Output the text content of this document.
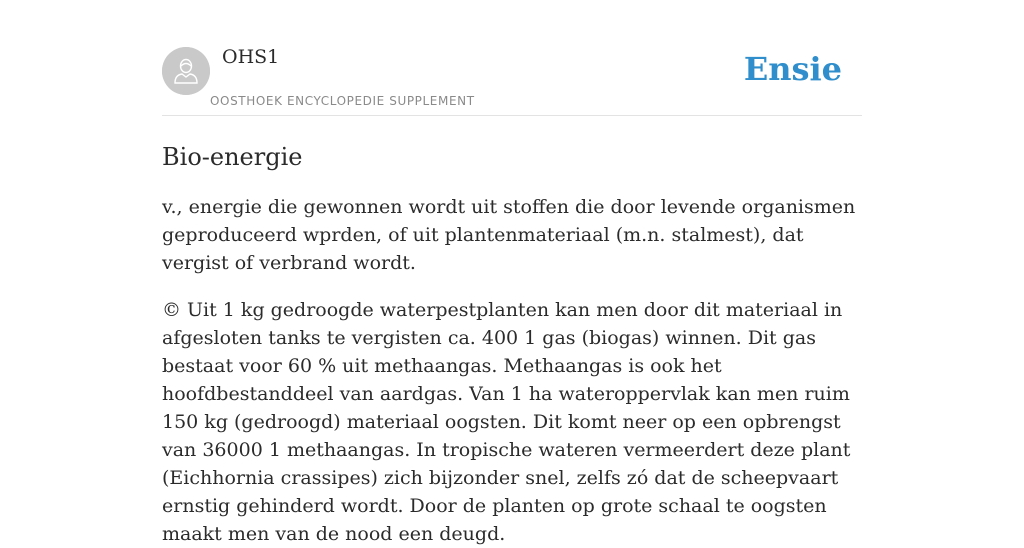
OHS1
OOSTHOEK ENCYCLOPEDIE SUPPLEMENT
Ensie
Bio-energie

v., energie die gewonnen wordt uit stoffen die door levende organismen geproduceerd wprden, of uit plantenmateriaal (m.n. stalmest), dat vergist of verbrand wordt.

© Uit 1 kg gedroogde waterpestplanten kan men door dit materiaal in afgesloten tanks te vergisten ca. 400 1 gas (biogas) winnen. Dit gas bestaat voor 60 % uit methaangas. Methaangas is ook het hoofdbestanddeel van aardgas. Van 1 ha wateroppervlak kan men ruim 150 kg (gedroogd) materiaal oogsten. Dit komt neer op een opbrengst van 36000 1 methaangas. In tropische wateren vermeerdert deze plant (Eichhornia crassipes) zich bijzonder snel, zelfs zó dat de scheepvaart ernstig gehinderd wordt. Door de planten op grote schaal te oogsten maakt men van de nood een deugd.
